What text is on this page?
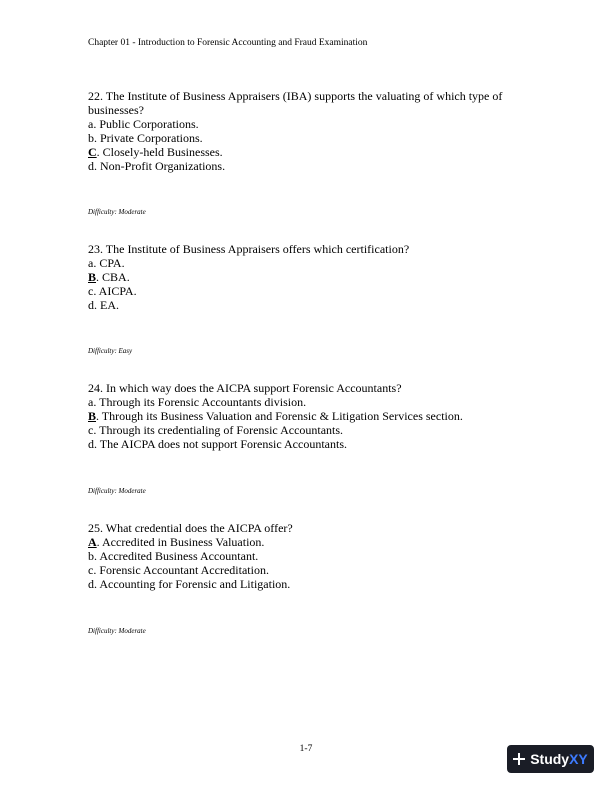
Chapter 01 - Introduction to Forensic Accounting and Fraud Examination

22. The Institute of Business Appraisers (IBA) supports the valuating of which type of businesses?

a. Public Corporations.

b. Private Corporations.

C. Closely-held Businesses.

d. Non-Profit Organizations.

Difficulty: Moderate

23. The Institute of Business Appraisers offers which certification?

a. CPA.

B. CBA.

c. AICPA.

d. EA.

Difficulty: Easy

24. In which way does the AICPA support Forensic Accountants?

a. Through its Forensic Accountants division.

B. Through its Business Valuation and Forensic & Litigation Services section.

c. Through its credentialing of Forensic Accountants.

d. The AICPA does not support Forensic Accountants.

Difficulty: Moderate

25. What credential does the AICPA offer?

A. Accredited in Business Valuation.

b. Accredited Business Accountant.

c. Forensic Accountant Accreditation.

d. Accounting for Forensic and Litigation.

Difficulty: Moderate
1-7
StudyXY
